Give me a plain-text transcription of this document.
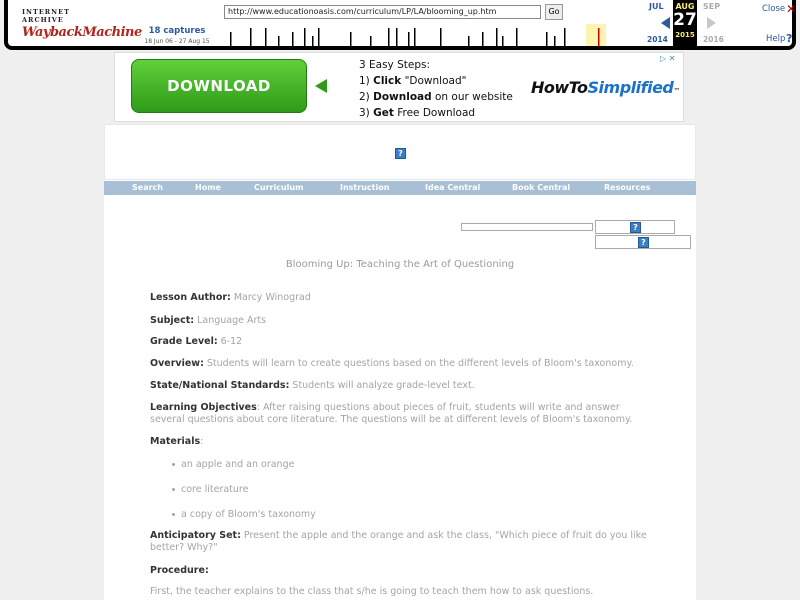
INTERNET ARCHIVE
WaybackMachine
http://www.educationoasis.com/curriculum/LP/LA/blooming_up.htm	Go
18 captures
18 Jun 06 - 27 Aug 15
JUL	SEP
2014	2016
AUG
27
2015
Close ✕
Help ?
DOWNLOAD
3 Easy Steps:
1) Click "Download"
2) Download on our website
3) Get Free Download
HowToSimplified™
▷ ✕
?
Search	Home	Curriculum	Instruction	Idea Central	Book Central	Resources
?
?
Blooming Up: Teaching the Art of Questioning
Lesson Author: Marcy Winograd
Subject: Language Arts
Grade Level: 6-12
Overview: Students will learn to create questions based on the different levels of Bloom's taxonomy.
State/National Standards: Students will analyze grade-level text.
Learning Objectives: After raising questions about pieces of fruit, students will write and answer several questions about core literature. The questions will be at different levels of Bloom's taxonomy.
Materials:
an apple and an orange
core literature
a copy of Bloom's taxonomy
Anticipatory Set: Present the apple and the orange and ask the class, "Which piece of fruit do you like better? Why?"
Procedure:
First, the teacher explains to the class that s/he is going to teach them how to ask questions.
